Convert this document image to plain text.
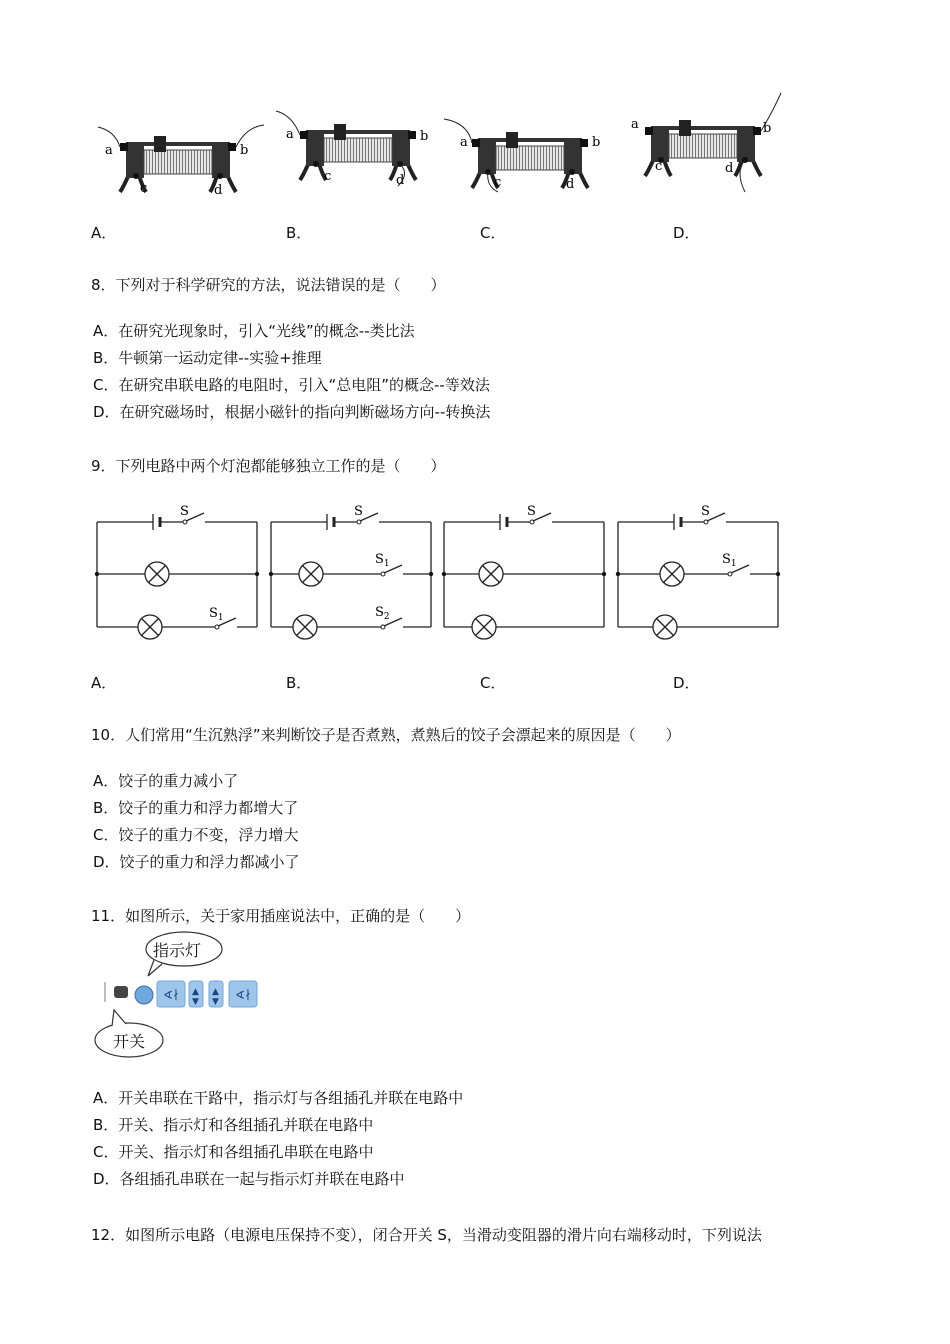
a	b
c	d
a	b
c	d
a	b
c	d
a	b
c	d
A．	B．	C．	D．
8．下列对于科学研究的方法，说法错误的是（　　）
A．在研究光现象时，引入“光线”的概念--类比法
B．牛顿第一运动定律--实验+推理
C．在研究串联电路的电阻时，引入“总电阻”的概念--等效法
D．在研究磁场时，根据小磁针的指向判断磁场方向--转换法
9．下列电路中两个灯泡都能够独立工作的是（　　）
S
$S_1$
S
$S_1$
$S_2$
S	S
$S_1$
A．	B．	C．	D．
10．人们常用“生沉熟浮”来判断饺子是否煮熟，煮熟后的饺子会漂起来的原因是（　　）
A．饺子的重力减小了
B．饺子的重力和浮力都增大了
C．饺子的重力不变，浮力增大
D．饺子的重力和浮力都减小了
11．如图所示，关于家用插座说法中，正确的是（　　）
∢∤ ▲
▼
▲
▼ ∢∤
指示灯
开关
A．开关串联在干路中，指示灯与各组插孔并联在电路中
B．开关、指示灯和各组插孔并联在电路中
C．开关、指示灯和各组插孔串联在电路中
D．各组插孔串联在一起与指示灯并联在电路中
12．如图所示电路（电源电压保持不变），闭合开关 S，当滑动变阻器的滑片向右端移动时，下列说法
